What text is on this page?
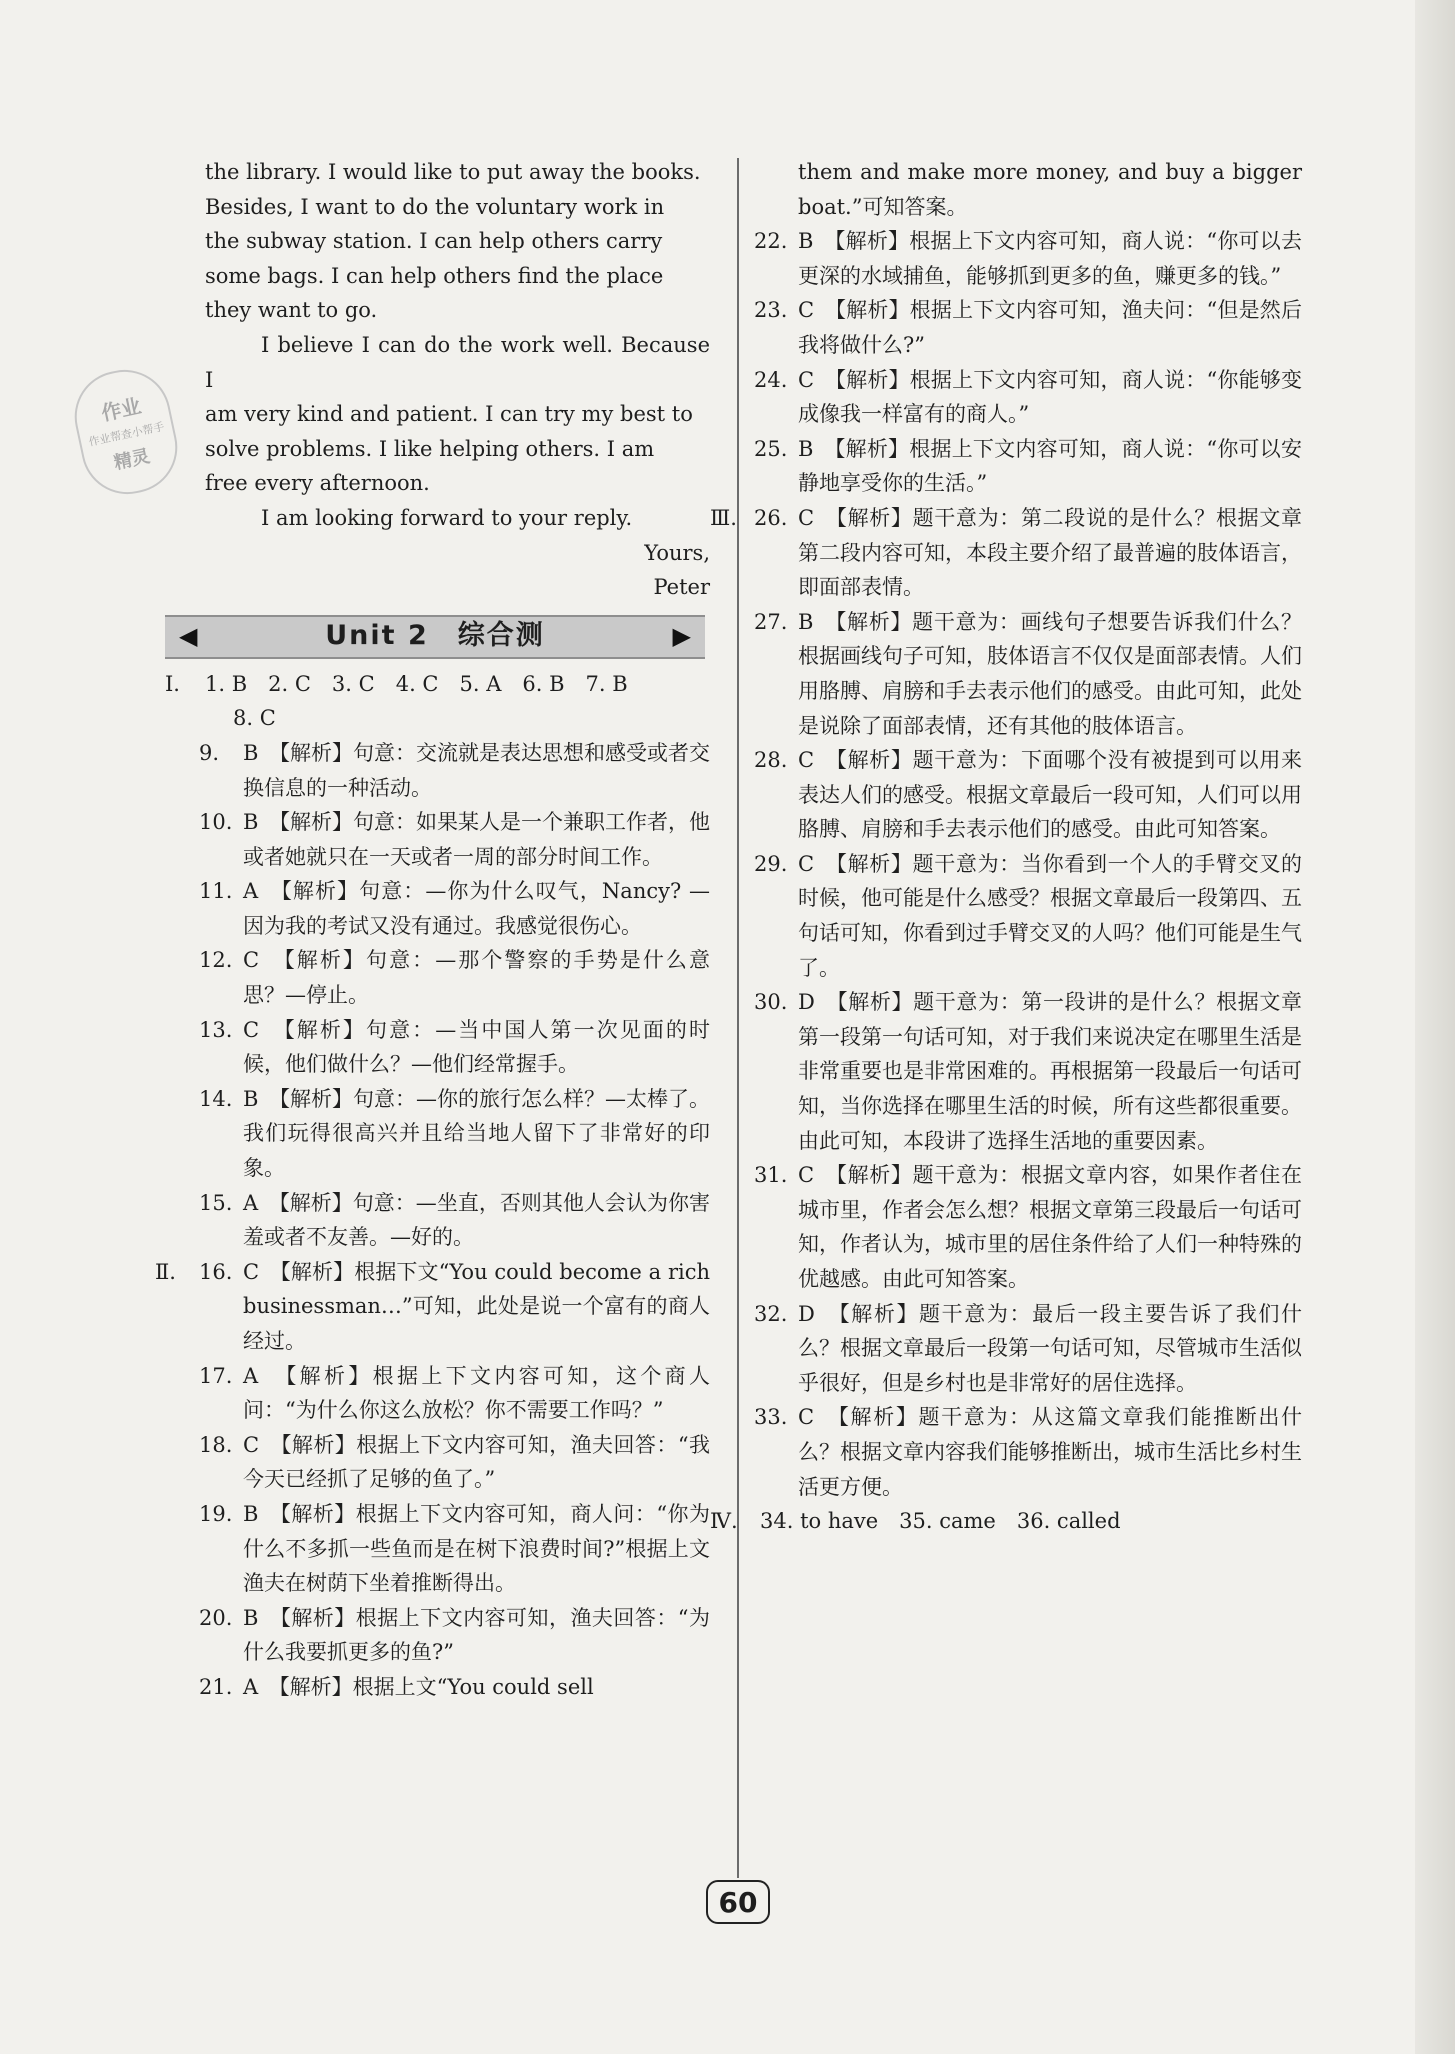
作业
作业帮查小帮手
精灵

the library. I would like to put away the books.

Besides, I want to do the voluntary work in

the subway station. I can help others carry

some bags. I can help others find the place

they want to go.

I believe I can do the work well. Because I

am very kind and patient. I can try my best to

solve problems. I like helping others. I am

free every afternoon.

I am looking forward to your reply.

Yours,

Peter

◀	Unit 2　综合测	▶
Ⅰ. 1. B　2. C　3. C　4. C　5. A　6. B　7. B

8. C

9. B　【解析】句意：交流就是表达思想和感受或者交换信息的一种活动。
10. B　【解析】句意：如果某人是一个兼职工作者，他或者她就只在一天或者一周的部分时间工作。
11. A　【解析】句意：—你为什么叹气，Nancy? —因为我的考试又没有通过。我感觉很伤心。
12. C　【解析】句意：—那个警察的手势是什么意思？—停止。
13. C　【解析】句意：—当中国人第一次见面的时候，他们做什么？—他们经常握手。
14. B　【解析】句意：—你的旅行怎么样？—太棒了。我们玩得很高兴并且给当地人留下了非常好的印象。
15. A　【解析】句意：—坐直，否则其他人会认为你害羞或者不友善。—好的。
Ⅱ. 16. C　【解析】根据下文“You could become a rich businessman…”可知，此处是说一个富有的商人经过。
17. A　【解析】根据上下文内容可知，这个商人问：“为什么你这么放松？你不需要工作吗？”
18. C　【解析】根据上下文内容可知，渔夫回答：“我今天已经抓了足够的鱼了。”
19. B　【解析】根据上下文内容可知，商人问：“你为什么不多抓一些鱼而是在树下浪费时间?”根据上文渔夫在树荫下坐着推断得出。
20. B　【解析】根据上下文内容可知，渔夫回答：“为什么我要抓更多的鱼?”
21. A　【解析】根据上文“You could sell
them and make more money, and buy a bigger boat.”可知答案。
22. B　【解析】根据上下文内容可知，商人说：“你可以去更深的水域捕鱼，能够抓到更多的鱼，赚更多的钱。”
23. C　【解析】根据上下文内容可知，渔夫问：“但是然后我将做什么?”
24. C　【解析】根据上下文内容可知，商人说：“你能够变成像我一样富有的商人。”
25. B　【解析】根据上下文内容可知，商人说：“你可以安静地享受你的生活。”
Ⅲ. 26. C　【解析】题干意为：第二段说的是什么？根据文章第二段内容可知，本段主要介绍了最普遍的肢体语言，即面部表情。
27. B　【解析】题干意为：画线句子想要告诉我们什么？根据画线句子可知，肢体语言不仅仅是面部表情。人们用胳膊、肩膀和手去表示他们的感受。由此可知，此处是说除了面部表情，还有其他的肢体语言。
28. C　【解析】题干意为：下面哪个没有被提到可以用来表达人们的感受。根据文章最后一段可知，人们可以用胳膊、肩膀和手去表示他们的感受。由此可知答案。
29. C　【解析】题干意为：当你看到一个人的手臂交叉的时候，他可能是什么感受？根据文章最后一段第四、五句话可知，你看到过手臂交叉的人吗？他们可能是生气了。
30. D　【解析】题干意为：第一段讲的是什么？根据文章第一段第一句话可知，对于我们来说决定在哪里生活是非常重要也是非常困难的。再根据第一段最后一句话可知，当你选择在哪里生活的时候，所有这些都很重要。由此可知，本段讲了选择生活地的重要因素。
31. C　【解析】题干意为：根据文章内容，如果作者住在城市里，作者会怎么想？根据文章第三段最后一句话可知，作者认为，城市里的居住条件给了人们一种特殊的优越感。由此可知答案。
32. D　【解析】题干意为：最后一段主要告诉了我们什么？根据文章最后一段第一句话可知，尽管城市生活似乎很好，但是乡村也是非常好的居住选择。
33. C　【解析】题干意为：从这篇文章我们能推断出什么？根据文章内容我们能够推断出，城市生活比乡村生活更方便。
Ⅳ. 34. to have　35. came　36. called
60
